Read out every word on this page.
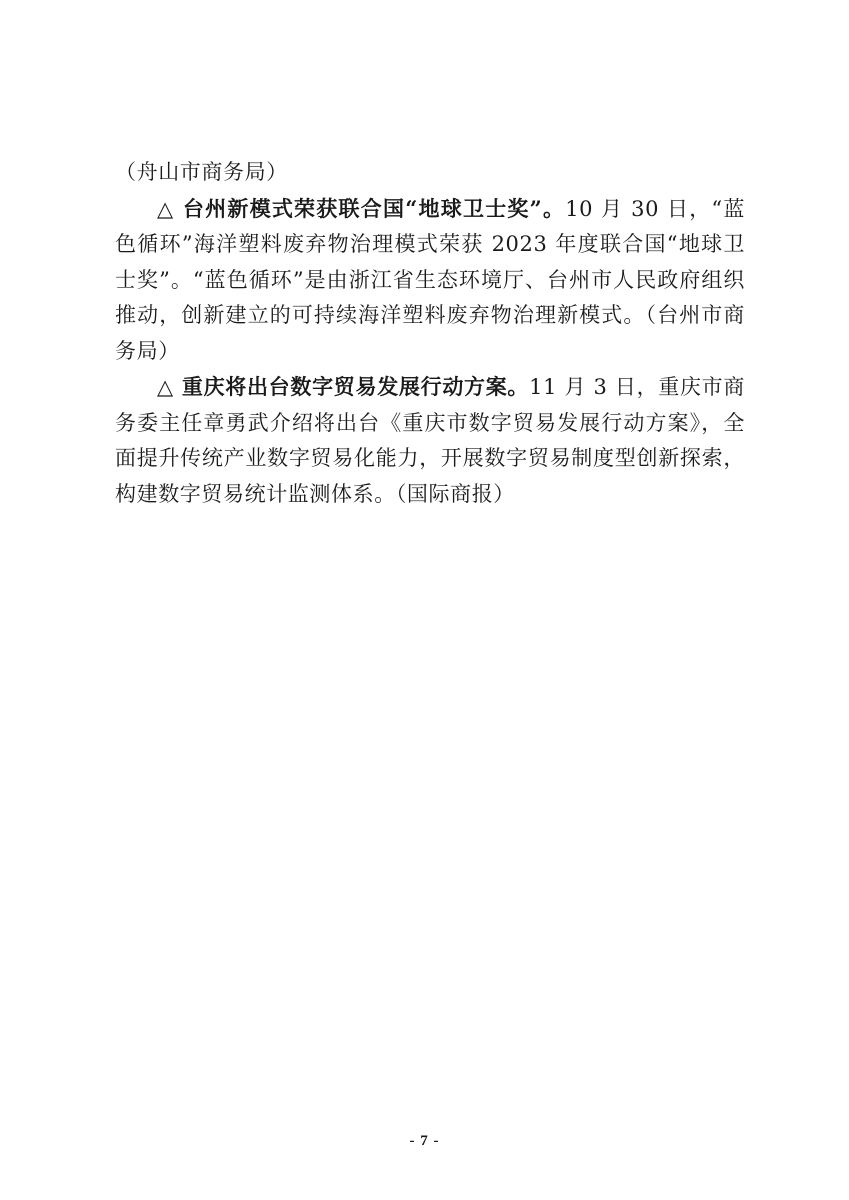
（舟山市商务局）

△ 台州新模式荣获联合国“地球卫士奖”。10 月 30 日，“蓝色循环”海洋塑料废弃物治理模式荣获 2023 年度联合国“地球卫士奖”。“蓝色循环”是由浙江省生态环境厅、台州市人民政府组织推动，创新建立的可持续海洋塑料废弃物治理新模式。（台州市商务局）

△ 重庆将出台数字贸易发展行动方案。11 月 3 日，重庆市商务委主任章勇武介绍将出台《重庆市数字贸易发展行动方案》，全面提升传统产业数字贸易化能力，开展数字贸易制度型创新探索，构建数字贸易统计监测体系。（国际商报）

- 7 -
